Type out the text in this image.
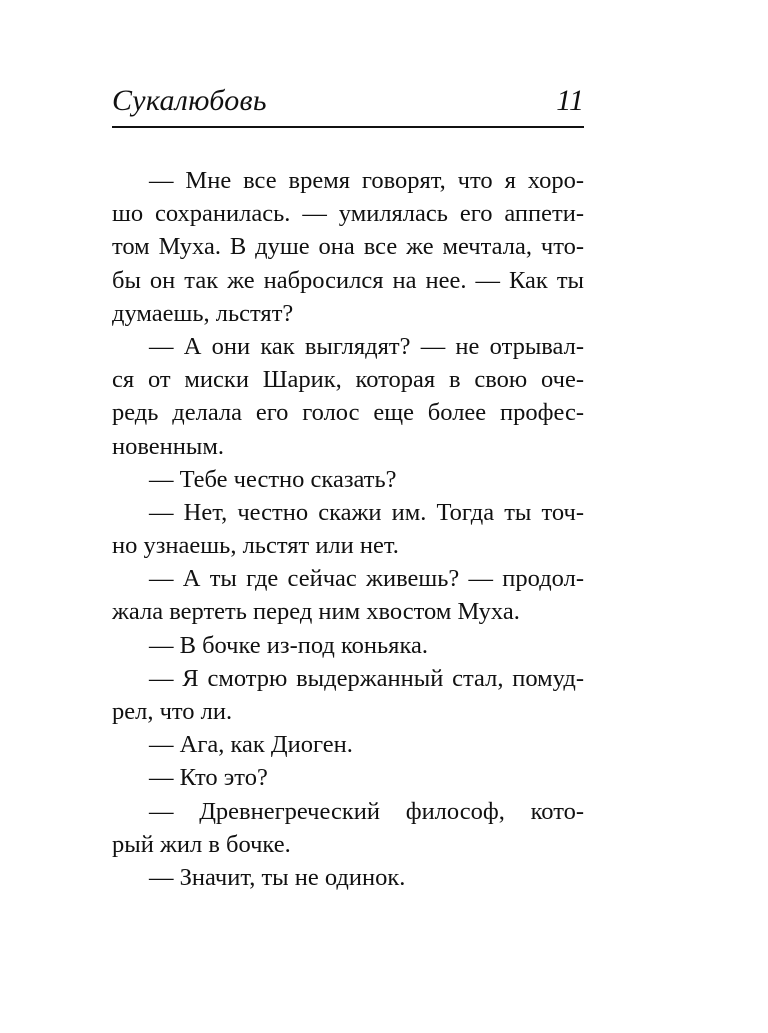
Сукалюбовь	11
— Мне все время говорят, что я хоро-
шо сохранилась. — умилялась его аппети-
том Муха. В душе она все же мечтала, что-
бы он так же набросился на нее. — Как ты
думаешь, льстят?
— А они как выглядят? — не отрывал-
ся от миски Шарик, которая в свою оче-
редь делала его голос еще более профес-
новенным.
— Тебе честно сказать?
— Нет, честно скажи им. Тогда ты точ-
но узнаешь, льстят или нет.
— А ты где сейчас живешь? — продол-
жала вертеть перед ним хвостом Муха.
— В бочке из-под коньяка.
— Я смотрю выдержанный стал, помуд-
рел, что ли.
— Ага, как Диоген.
— Кто это?
— Древнегреческий философ, кото-
рый жил в бочке.
— Значит, ты не одинок.
